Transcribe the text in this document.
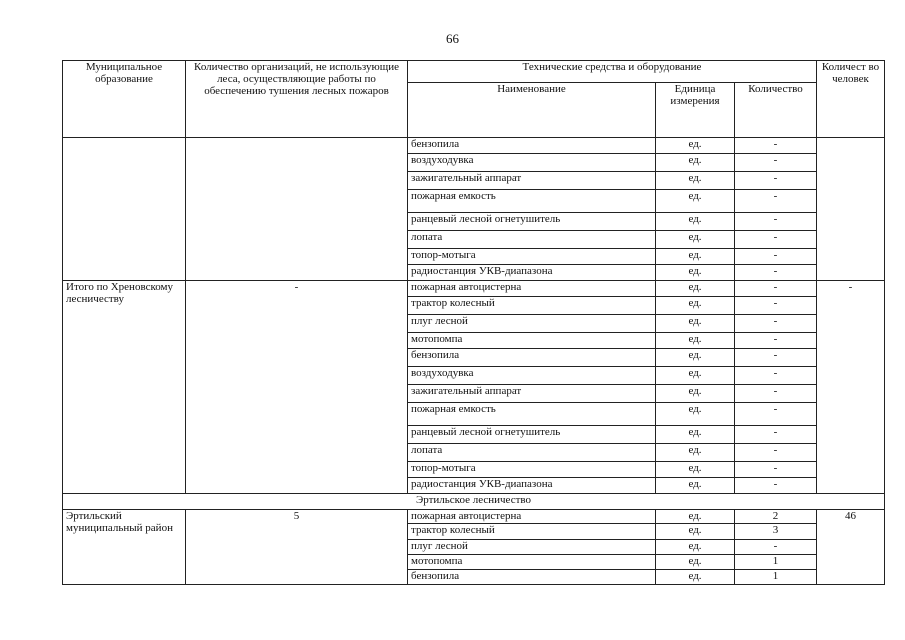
66
Муниципальное образование	Количество организаций, не использующие леса, осуществляющие работы по обеспечению тушения лесных пожаров	Технические средства и оборудование			Количест во человек
		Наименование	Единица измерения	Количество	
		бензопила	ед.	-	
		воздуходувка	ед.	-	
		зажигательный аппарат	ед.	-	
		пожарная емкость	ед.	-	
		ранцевый лесной огнетушитель	ед.	-	
		лопата	ед.	-	
		топор-мотыга	ед.	-	
		радиостанция УКВ-диапазона	ед.	-	
Итого по Хреновскому лесничеству	-	пожарная автоцистерна	ед.	-	-
		трактор колесный	ед.	-	
		плуг лесной	ед.	-	
		мотопомпа	ед.	-	
		бензопила	ед.	-	
		воздуходувка	ед.	-	
		зажигательный аппарат	ед.	-	
		пожарная емкость	ед.	-	
		ранцевый лесной огнетушитель	ед.	-	
		лопата	ед.	-	
		топор-мотыга	ед.	-	
		радиостанция УКВ-диапазона	ед.	-	
Эртильское лесничество					
Эртильский муниципальный район	5	пожарная автоцистерна	ед.	2	46
		трактор колесный	ед.	3	
		плуг лесной	ед.	-	
		мотопомпа	ед.	1	
		бензопила	ед.	1	
